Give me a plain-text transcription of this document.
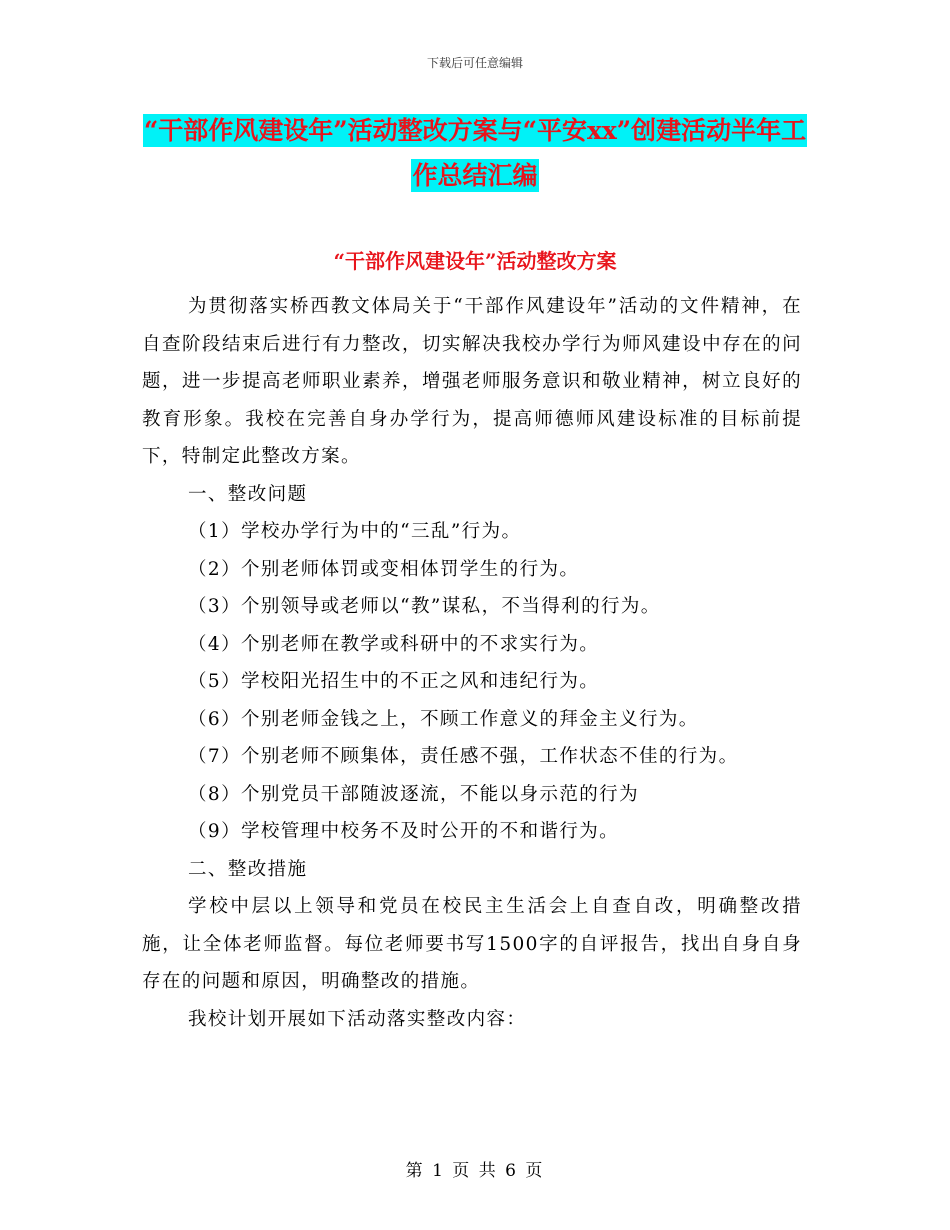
下载后可任意编辑
“干部作风建设年”活动整改方案与“平安xx”创建活动半年工作总结汇编
“干部作风建设年”活动整改方案

为贯彻落实桥西教文体局关于“干部作风建设年”活动的文件精神，在自查阶段结束后进行有力整改，切实解决我校办学行为师风建设中存在的问题，进一步提高老师职业素养，增强老师服务意识和敬业精神，树立良好的教育形象。我校在完善自身办学行为，提高师德师风建设标准的目标前提下，特制定此整改方案。

一、整改问题

（1）学校办学行为中的“三乱”行为。

（2）个别老师体罚或变相体罚学生的行为。

（3）个别领导或老师以“教”谋私，不当得利的行为。

（4）个别老师在教学或科研中的不求实行为。

（5）学校阳光招生中的不正之风和违纪行为。

（6）个别老师金钱之上，不顾工作意义的拜金主义行为。

（7）个别老师不顾集体，责任感不强，工作状态不佳的行为。

（8）个别党员干部随波逐流，不能以身示范的行为

（9）学校管理中校务不及时公开的不和谐行为。

二、整改措施

学校中层以上领导和党员在校民主生活会上自查自改，明确整改措施，让全体老师监督。每位老师要书写1500字的自评报告，找出自身自身存在的问题和原因，明确整改的措施。

我校计划开展如下活动落实整改内容：

第 1 页 共 6 页
